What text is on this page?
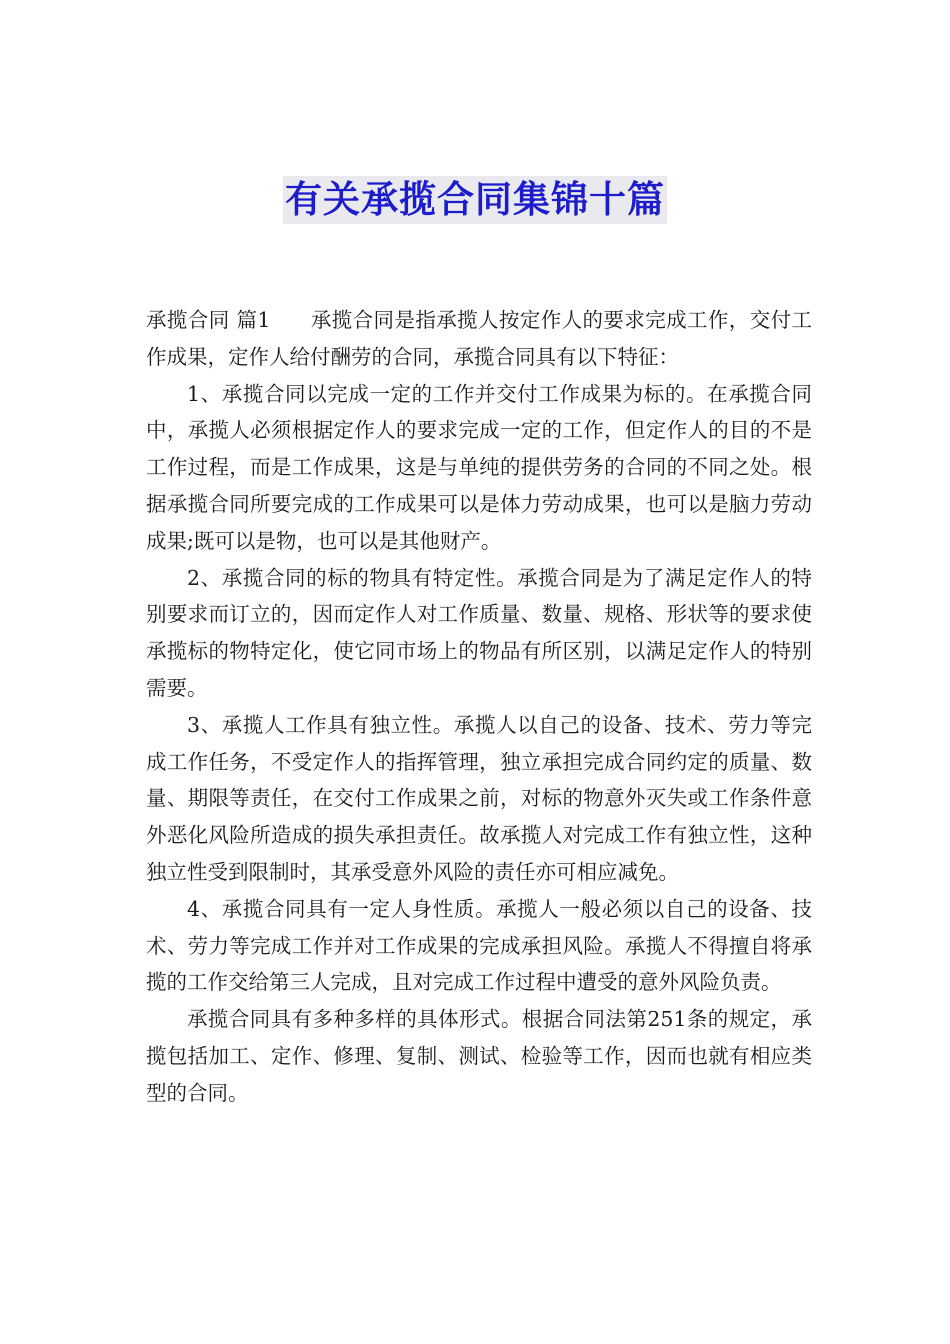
有关承揽合同集锦十篇

承揽合同 篇1 承揽合同是指承揽人按定作人的要求完成工作，交付工作成果，定作人给付酬劳的合同，承揽合同具有以下特征：

1、承揽合同以完成一定的工作并交付工作成果为标的。在承揽合同中，承揽人必须根据定作人的要求完成一定的工作，但定作人的目的不是工作过程，而是工作成果，这是与单纯的提供劳务的合同的不同之处。根据承揽合同所要完成的工作成果可以是体力劳动成果，也可以是脑力劳动成果;既可以是物，也可以是其他财产。

2、承揽合同的标的物具有特定性。承揽合同是为了满足定作人的特别要求而订立的，因而定作人对工作质量、数量、规格、形状等的要求使承揽标的物特定化，使它同市场上的物品有所区别，以满足定作人的特别需要。

3、承揽人工作具有独立性。承揽人以自己的设备、技术、劳力等完成工作任务，不受定作人的指挥管理，独立承担完成合同约定的质量、数量、期限等责任，在交付工作成果之前，对标的物意外灭失或工作条件意外恶化风险所造成的损失承担责任。故承揽人对完成工作有独立性，这种独立性受到限制时，其承受意外风险的责任亦可相应减免。

4、承揽合同具有一定人身性质。承揽人一般必须以自己的设备、技术、劳力等完成工作并对工作成果的完成承担风险。承揽人不得擅自将承揽的工作交给第三人完成，且对完成工作过程中遭受的意外风险负责。

承揽合同具有多种多样的具体形式。根据合同法第251条的规定，承揽包括加工、定作、修理、复制、测试、检验等工作，因而也就有相应类型的合同。
